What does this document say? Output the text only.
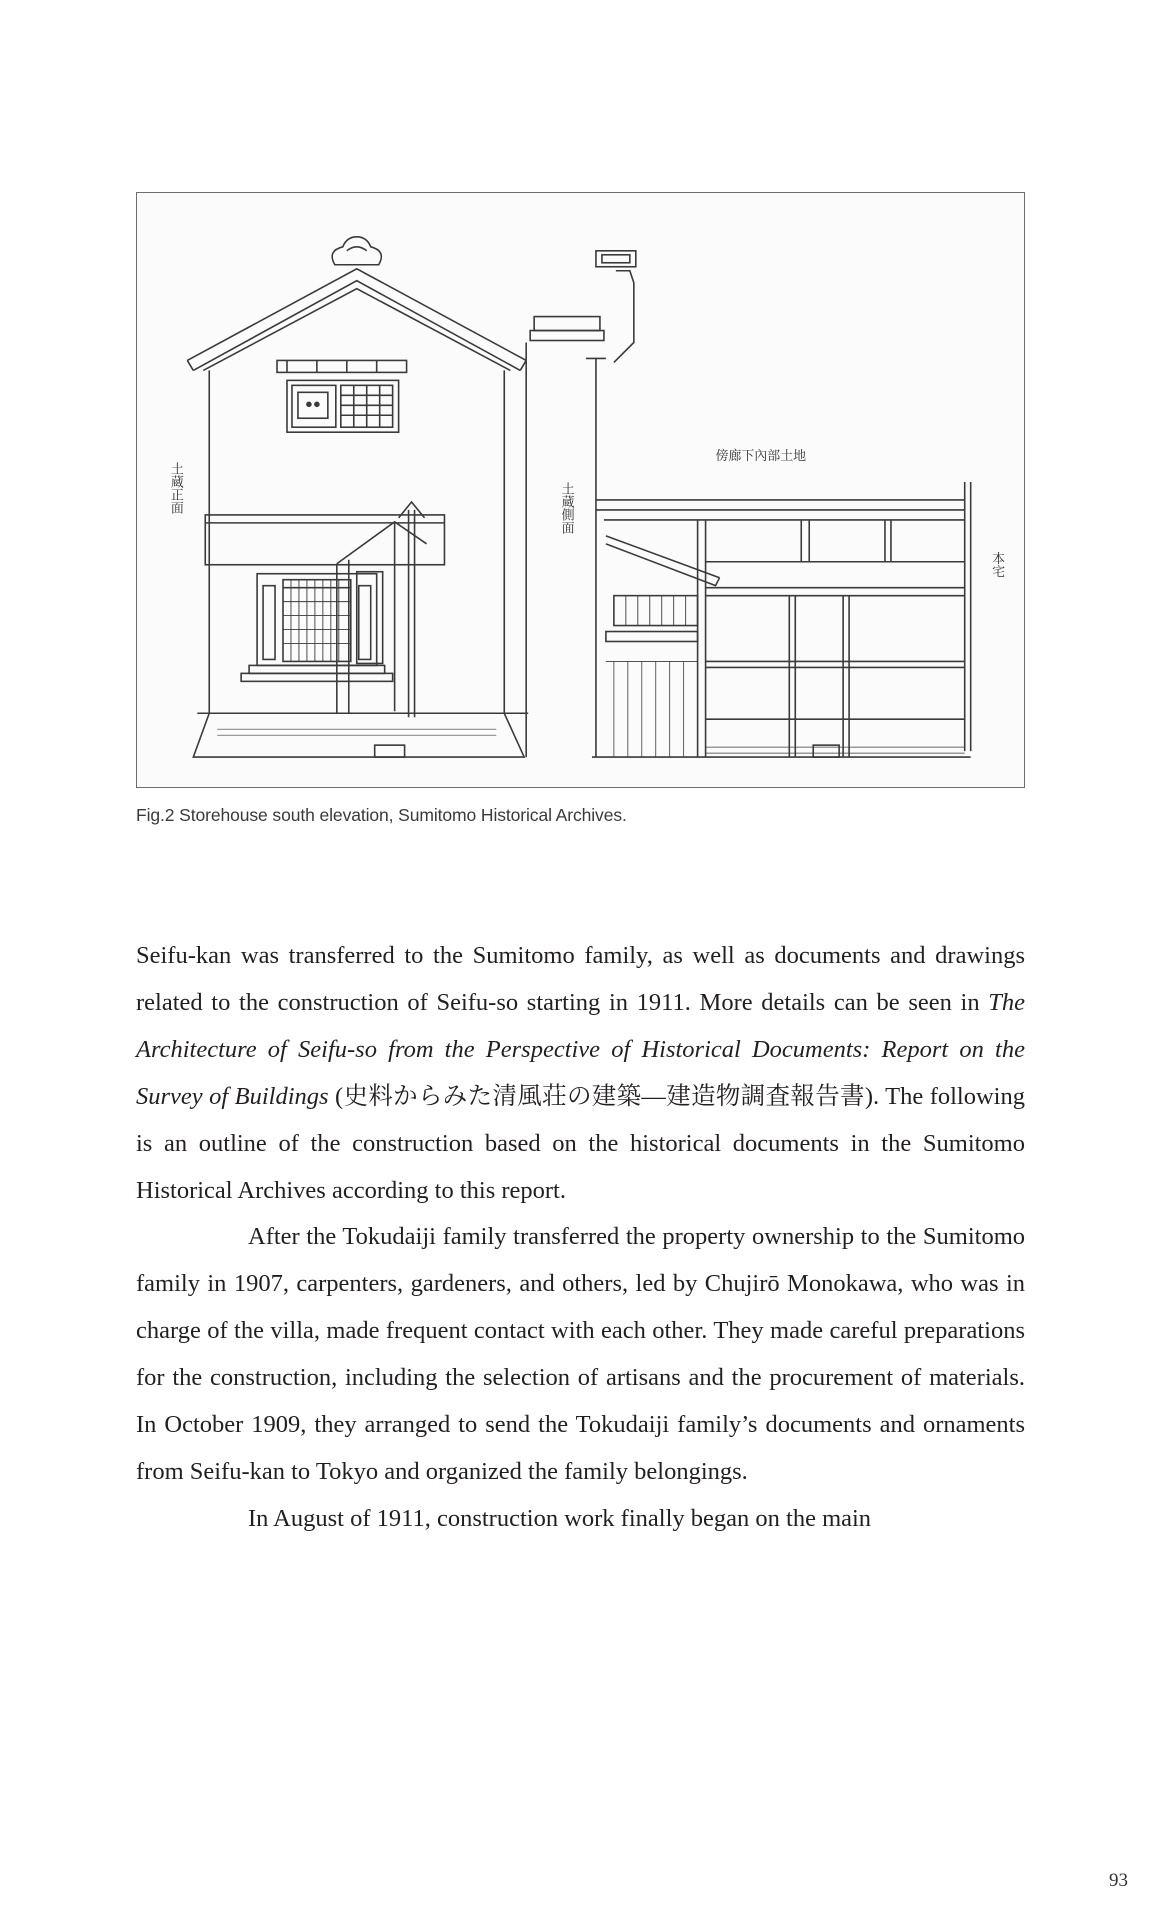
土蔵正面	土蔵側面
傍廊下內部土地
本宅
Fig.2 Storehouse south elevation, Sumitomo Historical Archives.

Seifu-kan was transferred to the Sumitomo family, as well as documents and drawings related to the construction of Seifu-so starting in 1911. More details can be seen in The Architecture of Seifu-so from the Perspective of Historical Documents: Report on the Survey of Buildings (史料からみた清風荘の建築—建造物調査報告書). The following is an outline of the construction based on the historical documents in the Sumitomo Historical Archives according to this report.

After the Tokudaiji family transferred the property ownership to the Sumitomo family in 1907, carpenters, gardeners, and others, led by Chujirō Monokawa, who was in charge of the villa, made frequent contact with each other. They made careful preparations for the construction, including the selection of artisans and the procurement of materials. In October 1909, they arranged to send the Tokudaiji family’s documents and ornaments from Seifu-kan to Tokyo and organized the family belongings.

In August of 1911, construction work finally began on the main

93
